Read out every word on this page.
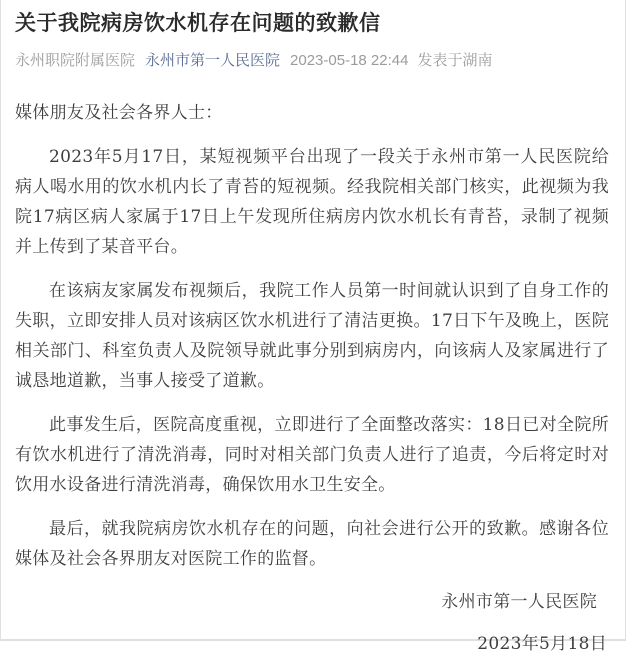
关于我院病房饮水机存在问题的致歉信
永州职院附属医院 永州市第一人民医院 2023-05-18 22:44 发表于湖南

媒体朋友及社会各界人士：

2023年5月17日，某短视频平台出现了一段关于永州市第一人民医院给病人喝水用的饮水机内长了青苔的短视频。经我院相关部门核实，此视频为我院17病区病人家属于17日上午发现所住病房内饮水机长有青苔，录制了视频并上传到了某音平台。

在该病友家属发布视频后，我院工作人员第一时间就认识到了自身工作的失职，立即安排人员对该病区饮水机进行了清洁更换。17日下午及晚上，医院相关部门、科室负责人及院领导就此事分别到病房内，向该病人及家属进行了诚恳地道歉，当事人接受了道歉。

此事发生后，医院高度重视，立即进行了全面整改落实：18日已对全院所有饮水机进行了清洗消毒，同时对相关部门负责人进行了追责，今后将定时对饮用水设备进行清洗消毒，确保饮用水卫生安全。

最后，就我院病房饮水机存在的问题，向社会进行公开的致歉。感谢各位媒体及社会各界朋友对医院工作的监督。

永州市第一人民医院

2023年5月18日
